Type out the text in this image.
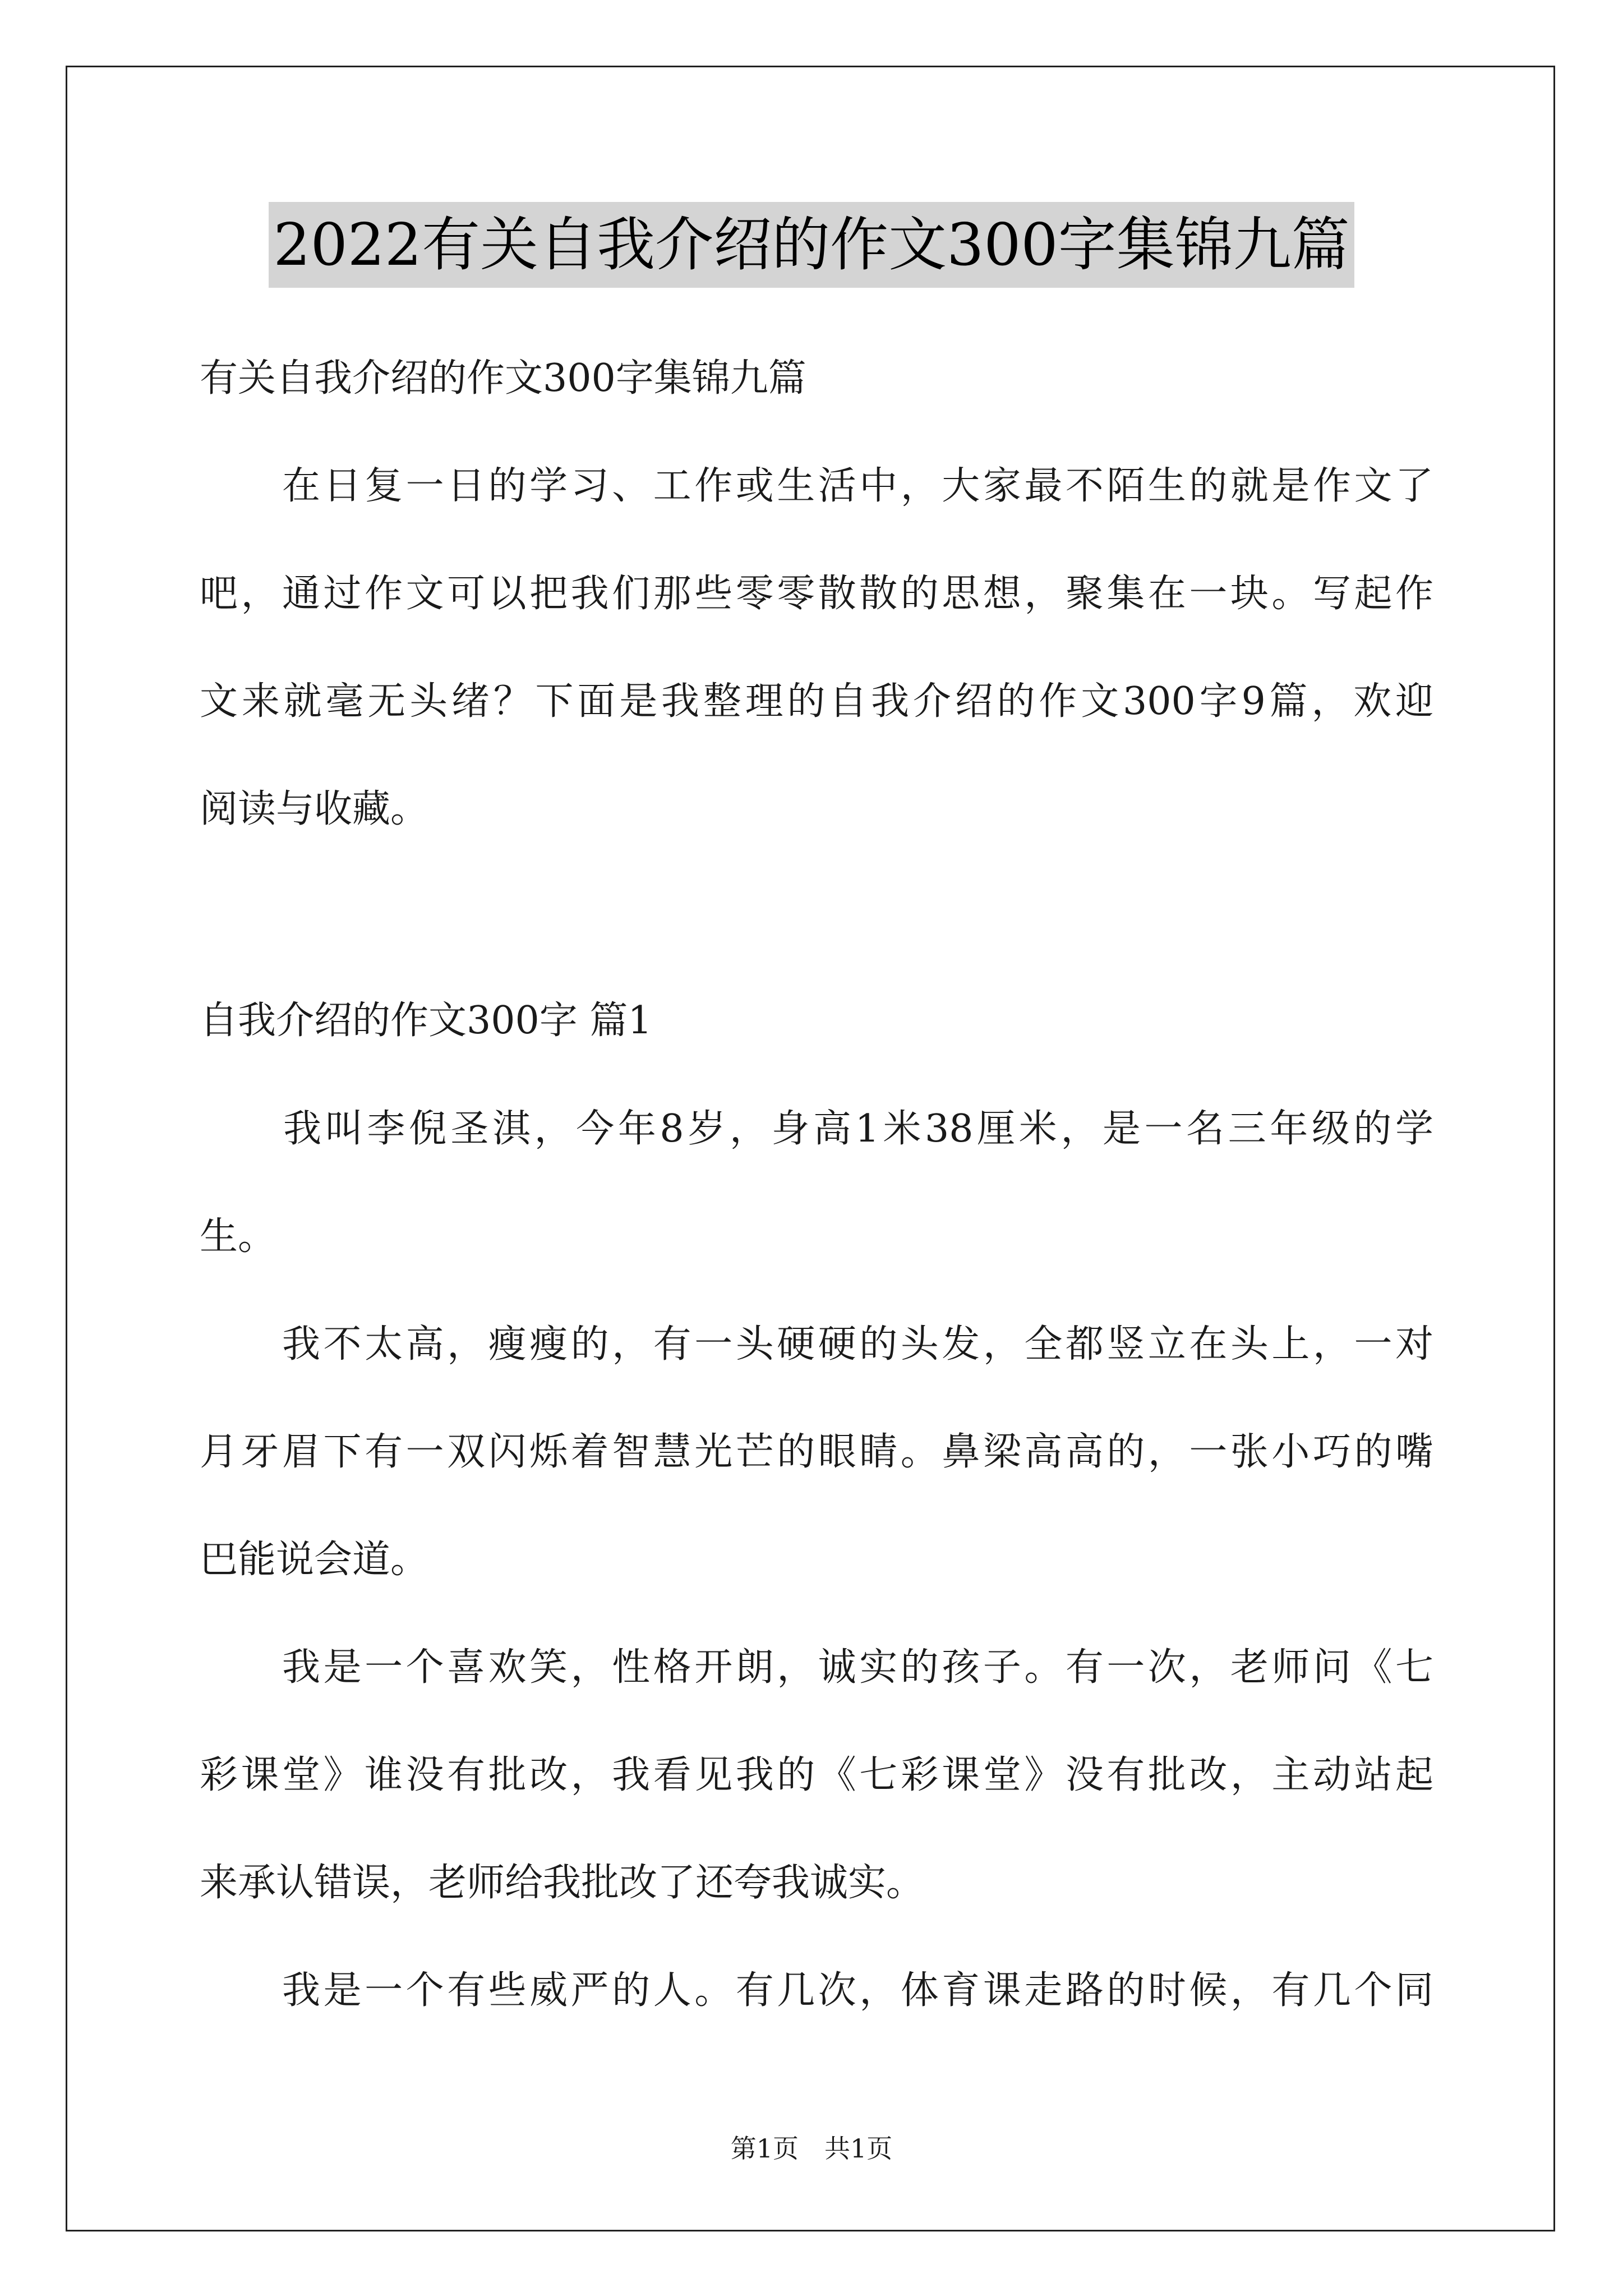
2022有关自我介绍的作文300字集锦九篇
有关自我介绍的作文300字集锦九篇
　　在日复一日的学习、工作或生活中，大家最不陌生的就是作文了
吧，通过作文可以把我们那些零零散散的思想，聚集在一块。写起作
文来就毫无头绪？下面是我整理的自我介绍的作文300字9篇，欢迎
阅读与收藏。
自我介绍的作文300字 篇1
　　我叫李倪圣淇，今年8岁，身高1米38厘米，是一名三年级的学
生。
　　我不太高，瘦瘦的，有一头硬硬的头发，全都竖立在头上，一对
月牙眉下有一双闪烁着智慧光芒的眼睛。鼻梁高高的，一张小巧的嘴
巴能说会道。
　　我是一个喜欢笑，性格开朗，诚实的孩子。有一次，老师问《七
彩课堂》谁没有批改，我看见我的《七彩课堂》没有批改，主动站起
来承认错误，老师给我批改了还夸我诚实。
　　我是一个有些威严的人。有几次，体育课走路的时候，有几个同
第1页　共1页
